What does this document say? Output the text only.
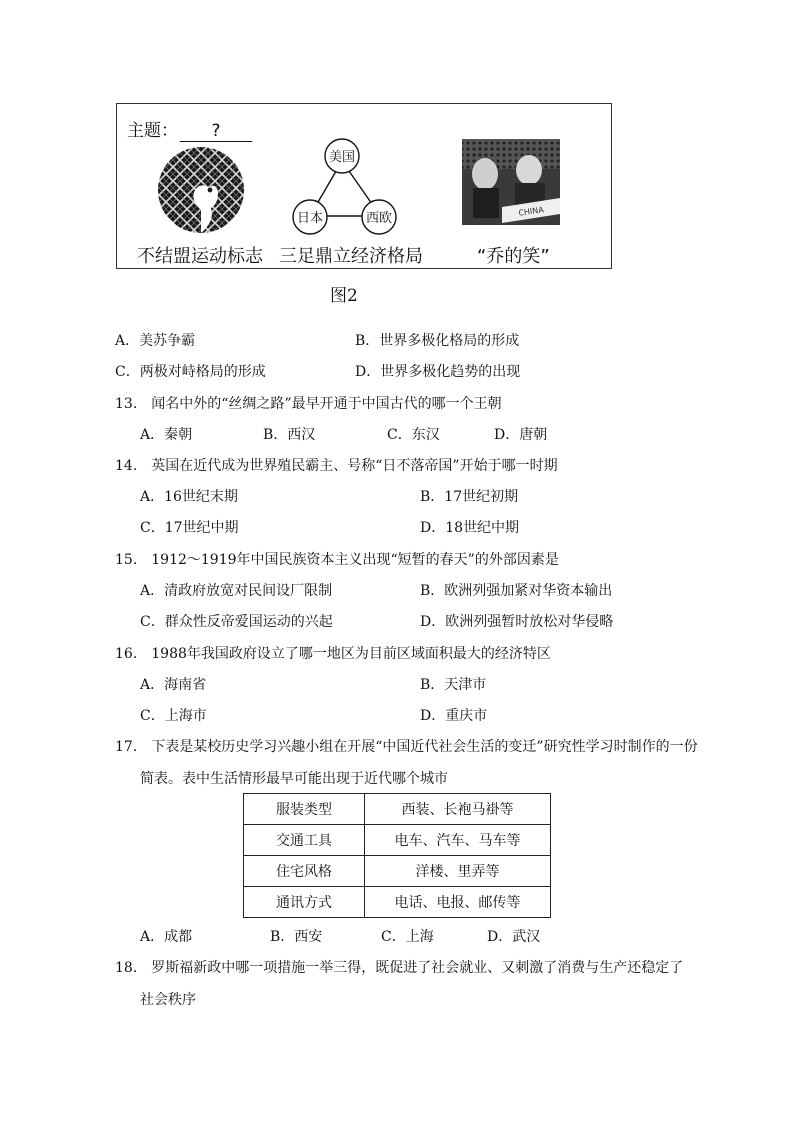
美国
日本	西欧	CHINA
主题： ?
不结盟运动标志 三足鼎立经济格局	“乔的笑”
图2
A．美苏争霸	B．世界多极化格局的形成
C．两极对峙格局的形成	D．世界多极化趋势的出现
13.　闻名中外的“丝绸之路”最早开通于中国古代的哪一个王朝
A．秦朝	B．西汉	C．东汉	D．唐朝
14.　英国在近代成为世界殖民霸主、号称“日不落帝国”开始于哪一时期
A．16世纪末期	B．17世纪初期
C．17世纪中期	D．18世纪中期
15.　1912～1919年中国民族资本主义出现“短暂的春天”的外部因素是
A．清政府放宽对民间设厂限制	B．欧洲列强加紧对华资本输出
C．群众性反帝爱国运动的兴起	D．欧洲列强暂时放松对华侵略
16.　1988年我国政府设立了哪一地区为目前区域面积最大的经济特区
A．海南省	B．天津市
C．上海市	D．重庆市
17.　下表是某校历史学习兴趣小组在开展“中国近代社会生活的变迁”研究性学习时制作的一份
简表。表中生活情形最早可能出现于近代哪个城市
服装类型	西装、长袍马褂等
交通工具	电车、汽车、马车等
住宅风格	洋楼、里弄等
通讯方式	电话、电报、邮传等
A．成都	B．西安	C．上海	D．武汉
18.　罗斯福新政中哪一项措施一举三得，既促进了社会就业、又刺激了消费与生产还稳定了
社会秩序
